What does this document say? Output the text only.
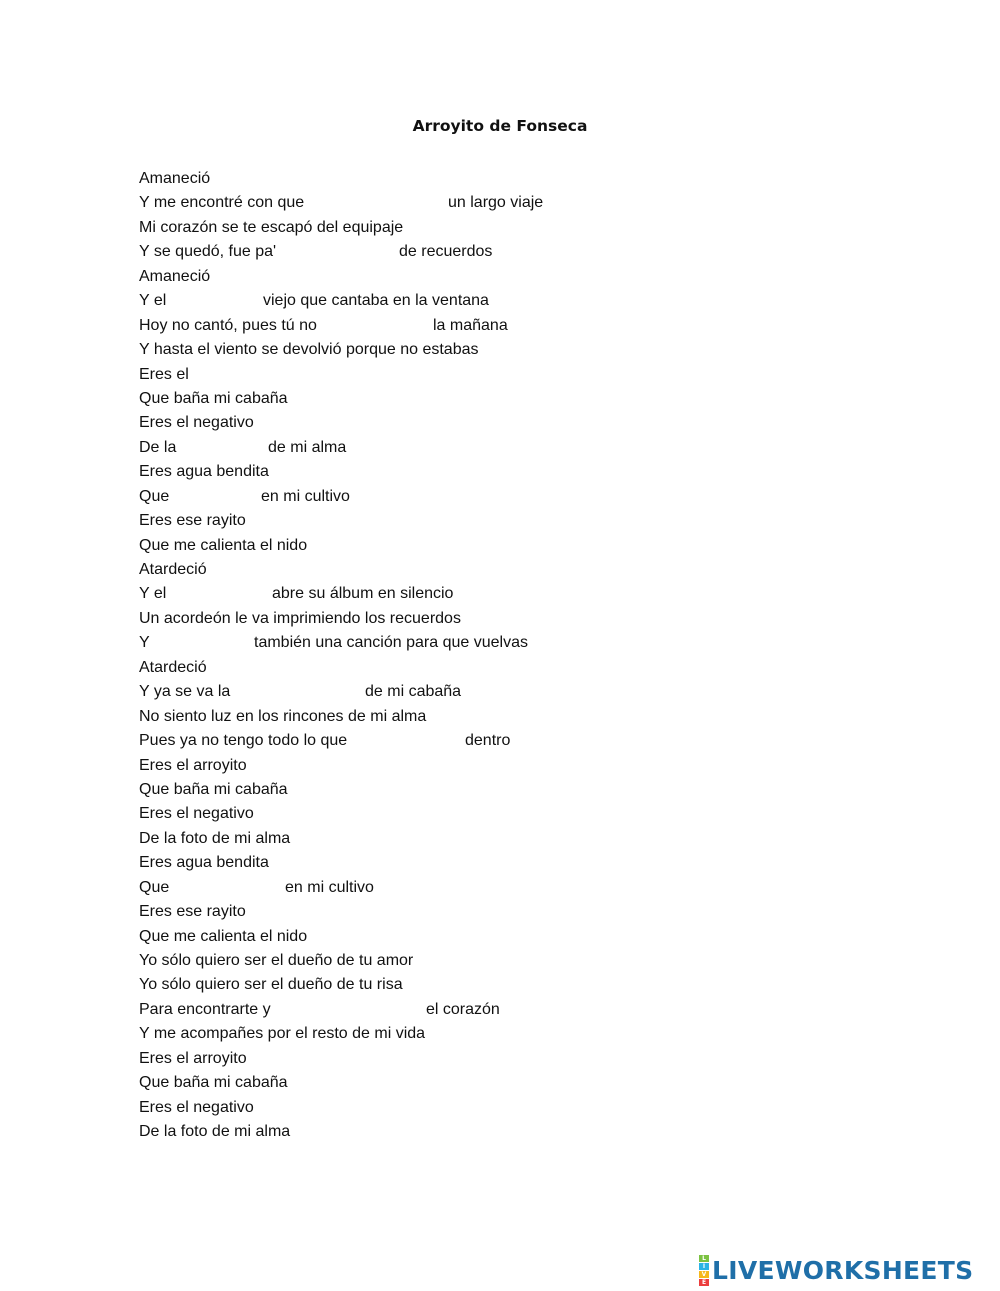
Arroyito de Fonseca
Amaneció
Y me encontré con que	un largo viaje
Mi corazón se te escapó del equipaje
Y se quedó, fue pa'	de recuerdos
Amaneció
Y el	viejo que cantaba en la ventana
Hoy no cantó, pues tú no	la mañana
Y hasta el viento se devolvió porque no estabas
Eres el
Que baña mi cabaña
Eres el negativo
De la	de mi alma
Eres agua bendita
Que	en mi cultivo
Eres ese rayito
Que me calienta el nido
Atardeció
Y el	abre su álbum en silencio
Un acordeón le va imprimiendo los recuerdos
Y	también una canción para que vuelvas
Atardeció
Y ya se va la	de mi cabaña
No siento luz en los rincones de mi alma
Pues ya no tengo todo lo que	dentro
Eres el arroyito
Que baña mi cabaña
Eres el negativo
De la foto de mi alma
Eres agua bendita
Que	en mi cultivo
Eres ese rayito
Que me calienta el nido
Yo sólo quiero ser el dueño de tu amor
Yo sólo quiero ser el dueño de tu risa
Para encontrarte y	el corazón
Y me acompañes por el resto de mi vida
Eres el arroyito
Que baña mi cabaña
Eres el negativo
De la foto de mi alma
L
I
V
E LIVEWORKSHEETS
